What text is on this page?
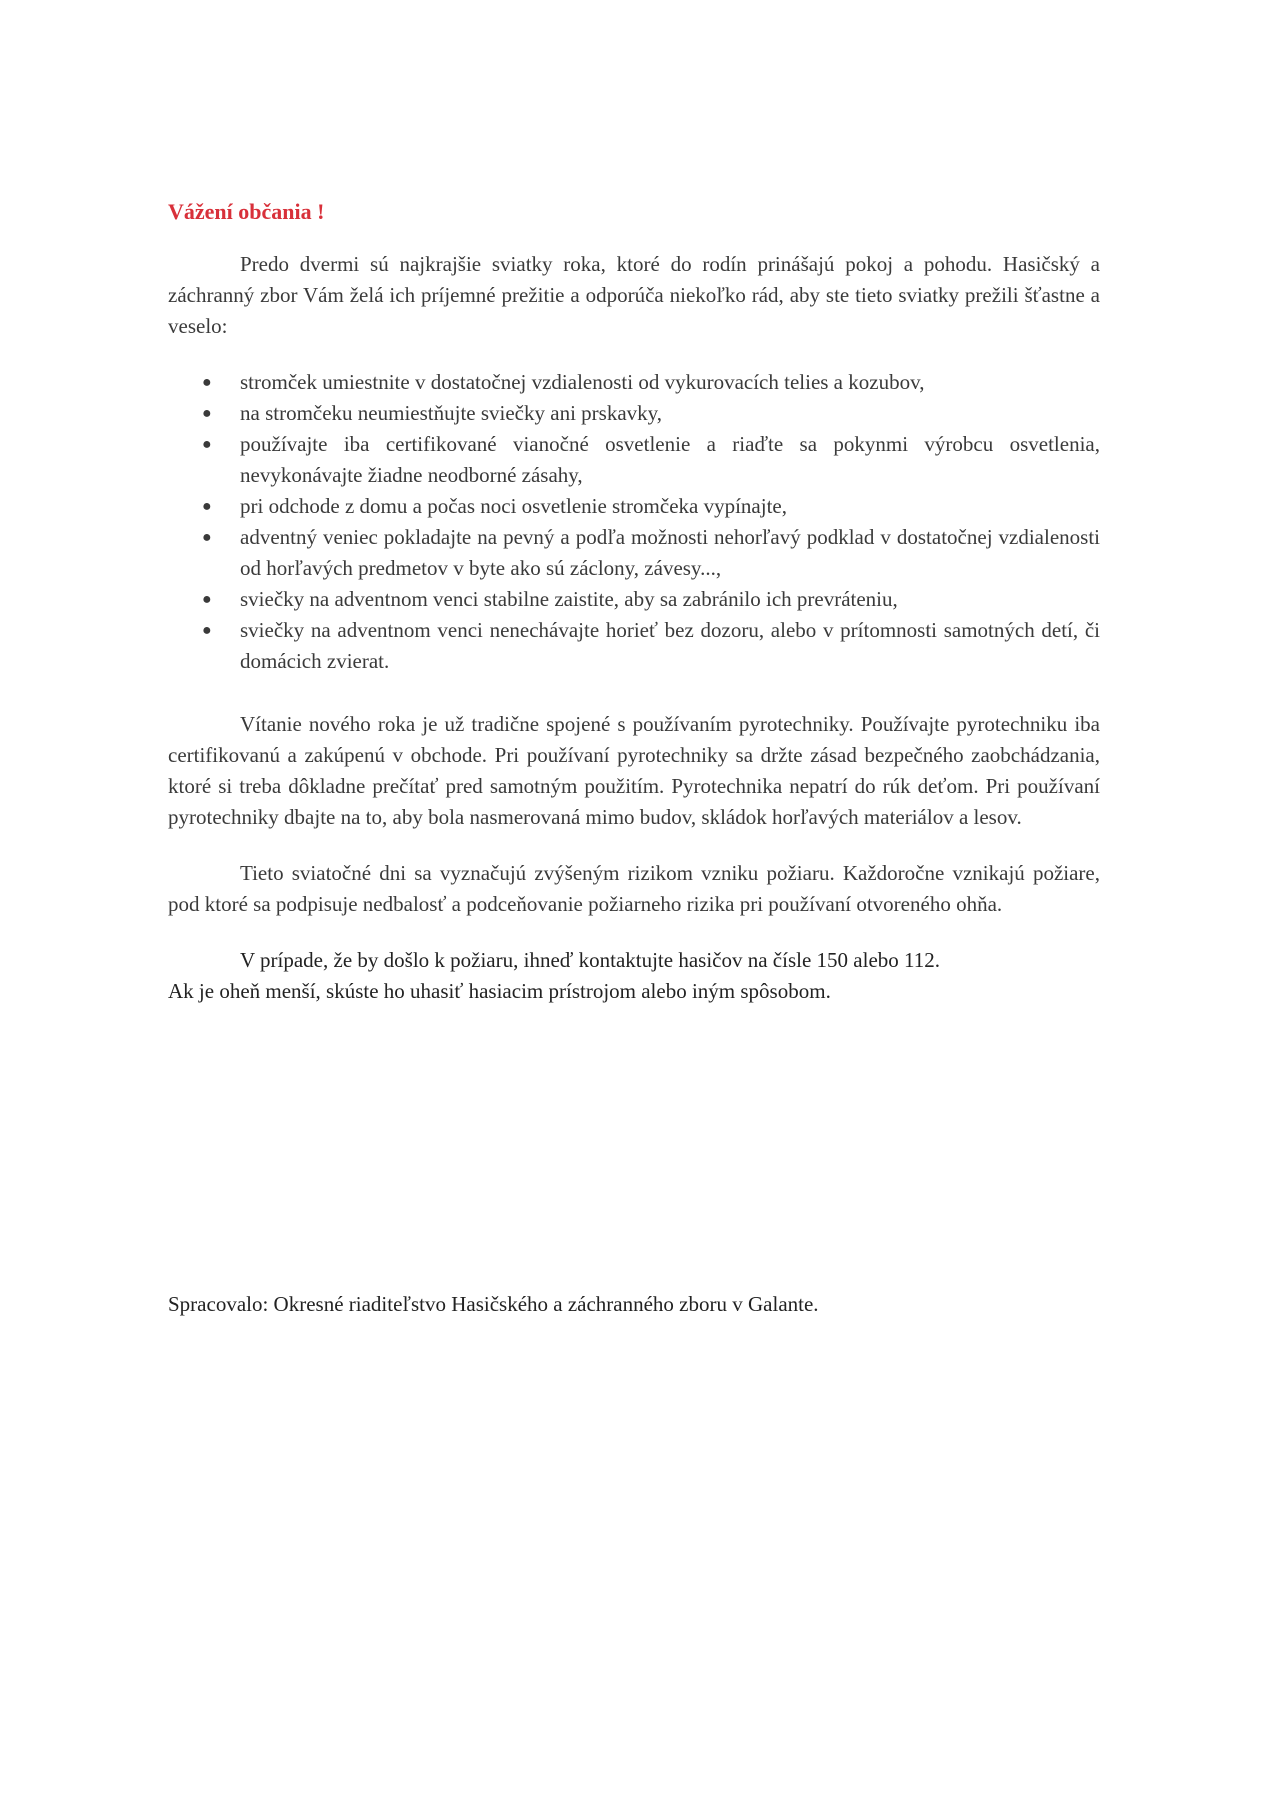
Vážení občania !

Predo dvermi sú najkrajšie sviatky roka, ktoré do rodín prinášajú pokoj a pohodu. Hasičský a záchranný zbor Vám želá ich príjemné prežitie a odporúča niekoľko rád, aby ste tieto sviatky prežili šťastne a veselo:

● stromček umiestnite v dostatočnej vzdialenosti od vykurovacích telies a kozubov,
● na stromčeku neumiestňujte sviečky ani prskavky,
● používajte iba certifikované vianočné osvetlenie a riaďte sa pokynmi výrobcu osvetlenia, nevykonávajte žiadne neodborné zásahy,
● pri odchode z domu a počas noci osvetlenie stromčeka vypínajte,
● adventný veniec pokladajte na pevný a podľa možnosti nehorľavý podklad v dostatočnej vzdialenosti od horľavých predmetov v byte ako sú záclony, závesy...,
● sviečky na adventnom venci stabilne zaistite, aby sa zabránilo ich prevráteniu,
● sviečky na adventnom venci nenechávajte horieť bez dozoru, alebo v prítomnosti samotných detí, či domácich zvierat.

Vítanie nového roka je už tradične spojené s používaním pyrotechniky. Používajte pyrotechniku iba certifikovanú a zakúpenú v obchode. Pri používaní pyrotechniky sa držte zásad bezpečného zaobchádzania, ktoré si treba dôkladne prečítať pred samotným použitím. Pyrotechnika nepatrí do rúk deťom. Pri používaní pyrotechniky dbajte na to, aby bola nasmerovaná mimo budov, skládok horľavých materiálov a lesov.

Tieto sviatočné dni sa vyznačujú zvýšeným rizikom vzniku požiaru. Každoročne vznikajú požiare, pod ktoré sa podpisuje nedbalosť a podceňovanie požiarneho rizika pri používaní otvoreného ohňa.

V prípade, že by došlo k požiaru, ihneď kontaktujte hasičov na čísle 150 alebo 112.
Ak je oheň menší, skúste ho uhasiť hasiacim prístrojom alebo iným spôsobom.

Spracovalo: Okresné riaditeľstvo Hasičského a záchranného zboru v Galante.
